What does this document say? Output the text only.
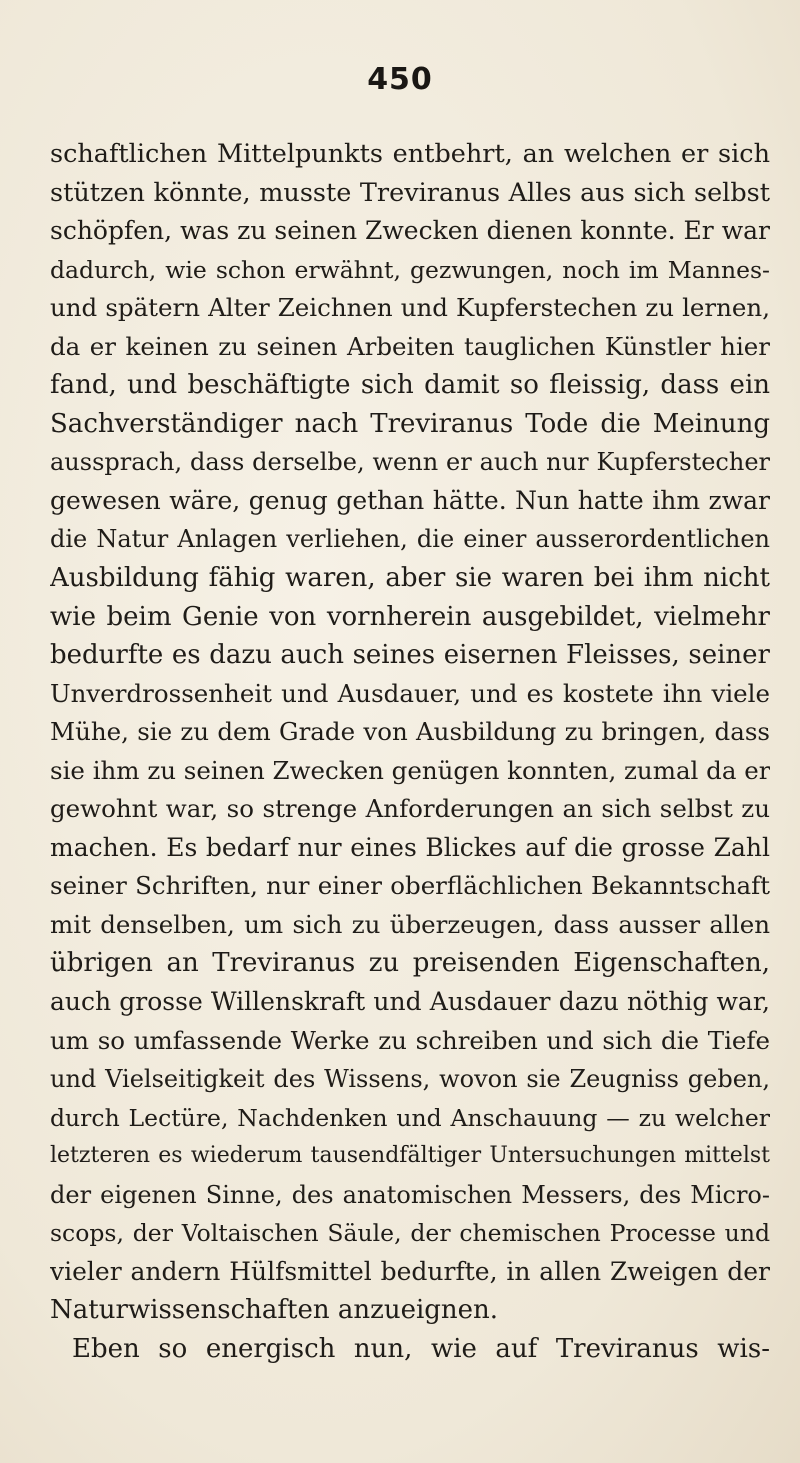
450
schaftlichen Mittelpunkts entbehrt, an welchen er sich
stützen könnte, musste Treviranus Alles aus sich selbst
schöpfen, was zu seinen Zwecken dienen konnte. Er war
dadurch, wie schon erwähnt, gezwungen, noch im Mannes-
und spätern Alter Zeichnen und Kupferstechen zu lernen,
da er keinen zu seinen Arbeiten tauglichen Künstler hier
fand, und beschäftigte sich damit so fleissig, dass ein
Sachverständiger nach Treviranus Tode die Meinung
aussprach, dass derselbe, wenn er auch nur Kupferstecher
gewesen wäre, genug gethan hätte. Nun hatte ihm zwar
die Natur Anlagen verliehen, die einer ausserordentlichen
Ausbildung fähig waren, aber sie waren bei ihm nicht
wie beim Genie von vornherein ausgebildet, vielmehr
bedurfte es dazu auch seines eisernen Fleisses, seiner
Unverdrossenheit und Ausdauer, und es kostete ihn viele
Mühe, sie zu dem Grade von Ausbildung zu bringen, dass
sie ihm zu seinen Zwecken genügen konnten, zumal da er
gewohnt war, so strenge Anforderungen an sich selbst zu
machen. Es bedarf nur eines Blickes auf die grosse Zahl
seiner Schriften, nur einer oberflächlichen Bekanntschaft
mit denselben, um sich zu überzeugen, dass ausser allen
übrigen an Treviranus zu preisenden Eigenschaften,
auch grosse Willenskraft und Ausdauer dazu nöthig war,
um so umfassende Werke zu schreiben und sich die Tiefe
und Vielseitigkeit des Wissens, wovon sie Zeugniss geben,
durch Lectüre, Nachdenken und Anschauung — zu welcher
letzteren es wiederum tausendfältiger Untersuchungen mittelst
der eigenen Sinne, des anatomischen Messers, des Micro-
scops, der Voltaischen Säule, der chemischen Processe und
vieler andern Hülfsmittel bedurfte, in allen Zweigen der
Naturwissenschaften anzueignen.
Eben so energisch nun, wie auf Treviranus wis-
